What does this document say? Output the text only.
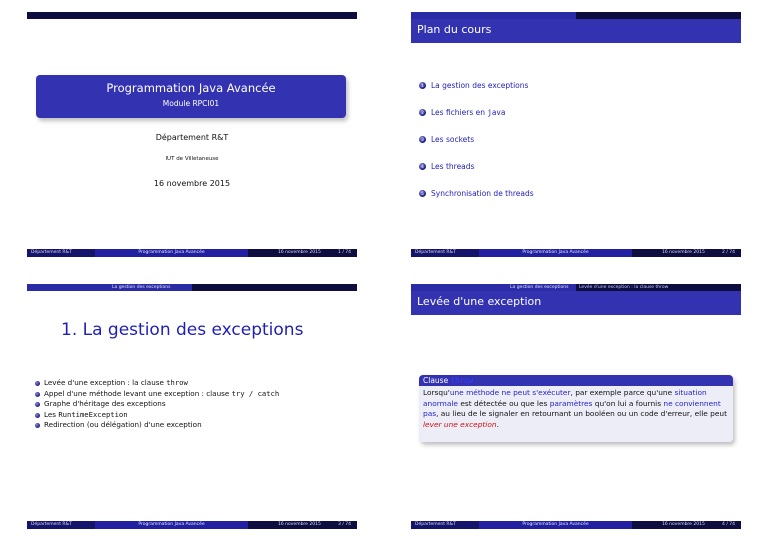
Programmation Java Avancée
Module RPCI01
Département R&T
IUT de Villetaneuse
16 novembre 2015
Département R&T	Programmation Java Avancée	16 novembre 2015	1 / 74
Plan du cours
1 La gestion des exceptions
2 Les fichiers en java
3 Les sockets
4 Les threads
5 Synchronisation de threads
Département R&T	Programmation Java Avancée	16 novembre 2015	2 / 74
La gestion des exceptions
1. La gestion des exceptions
Levée d'une exception : la clause throw
Appel d'une méthode levant une exception : clause try / catch
Graphe d'héritage des exceptions
Les RuntimeException
Redirection (ou délégation) d'une exception
Département R&T	Programmation Java Avancée	16 novembre 2015	3 / 74
La gestion des exceptions Levée d'une exception : la clause throw
Levée d'une exception
Clause throw
Lorsqu'une méthode ne peut s'exécuter, par exemple parce qu'une situation anormale est détectée ou que les paramètres qu'on lui a fournis ne conviennent pas, au lieu de le signaler en retournant un booléen ou un code d'erreur, elle peut lever une exception.
Département R&T	Programmation Java Avancée	16 novembre 2015	4 / 74
